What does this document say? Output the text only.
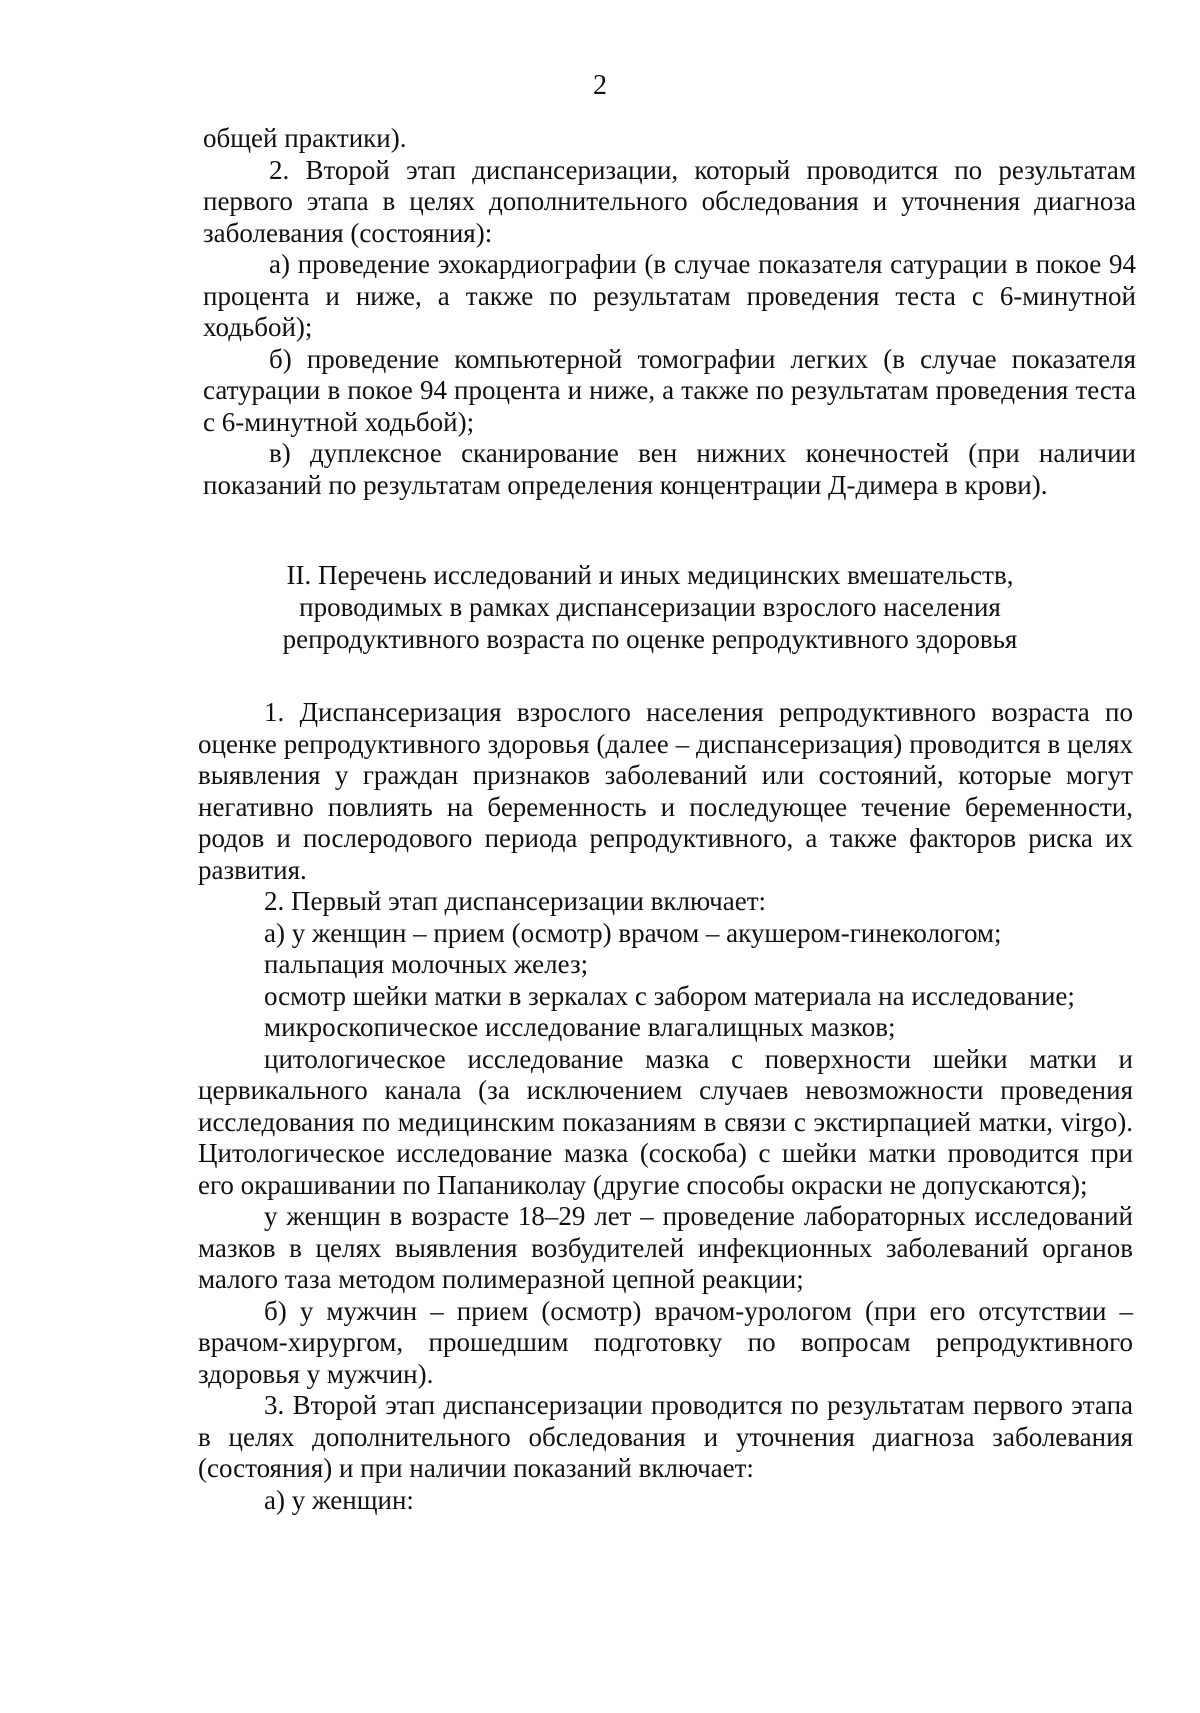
2

общей практики).

2. Второй этап диспансеризации, который проводится по результатам первого этапа в целях дополнительного обследования и уточнения диагноза заболевания (состояния):

а) проведение эхокардиографии (в случае показателя сатурации в покое 94 процента и ниже, а также по результатам проведения теста с 6-минутной ходьбой);

б) проведение компьютерной томографии легких (в случае показателя сатурации в покое 94 процента и ниже, а также по результатам проведения теста с 6-минутной ходьбой);

в) дуплексное сканирование вен нижних конечностей (при наличии показаний по результатам определения концентрации Д-димера в крови).

II. Перечень исследований и иных медицинских вмешательств,
проводимых в рамках диспансеризации взрослого населения
репродуктивного возраста по оценке репродуктивного здоровья

1. Диспансеризация взрослого населения репродуктивного возраста по оценке репродуктивного здоровья (далее – диспансеризация) проводится в целях выявления у граждан признаков заболеваний или состояний, которые могут негативно повлиять на беременность и последующее течение беременности, родов и послеродового периода репродуктивного, а также факторов риска их развития.

2. Первый этап диспансеризации включает:

а) у женщин – прием (осмотр) врачом – акушером-гинекологом;

пальпация молочных желез;

осмотр шейки матки в зеркалах с забором материала на исследование;

микроскопическое исследование влагалищных мазков;

цитологическое исследование мазка с поверхности шейки матки и цервикального канала (за исключением случаев невозможности проведения исследования по медицинским показаниям в связи с экстирпацией матки, virgo). Цитологическое исследование мазка (соскоба) с шейки матки проводится при его окрашивании по Папаниколау (другие способы окраски не допускаются);

у женщин в возрасте 18–29 лет – проведение лабораторных исследований мазков в целях выявления возбудителей инфекционных заболеваний органов малого таза методом полимеразной цепной реакции;

б) у мужчин – прием (осмотр) врачом-урологом (при его отсутствии – врачом-хирургом, прошедшим подготовку по вопросам репродуктивного здоровья у мужчин).

3. Второй этап диспансеризации проводится по результатам первого этапа в целях дополнительного обследования и уточнения диагноза заболевания (состояния) и при наличии показаний включает:

а) у женщин:
